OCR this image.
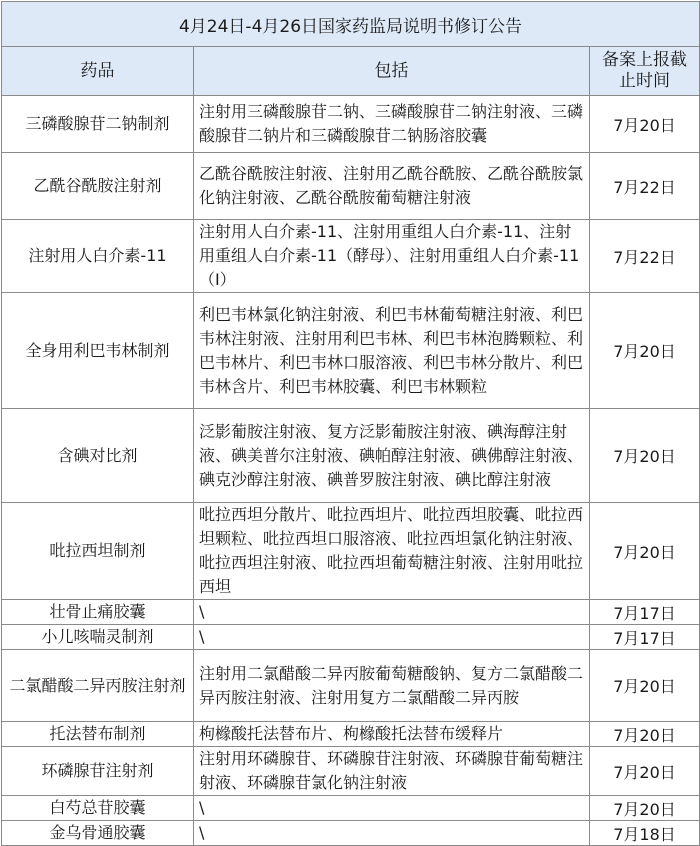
4月24日-4月26日国家药监局说明书修订公告		
药品	包括	备案上报截止时间
三磷酸腺苷二钠制剂	注射用三磷酸腺苷二钠、三磷酸腺苷二钠注射液、三磷酸腺苷二钠片和三磷酸腺苷二钠肠溶胶囊	7月20日
乙酰谷酰胺注射剂	乙酰谷酰胺注射液、注射用乙酰谷酰胺、乙酰谷酰胺氯化钠注射液、乙酰谷酰胺葡萄糖注射液	7月22日
注射用人白介素-11	注射用人白介素-11、注射用重组人白介素-11、注射用重组人白介素-11（酵母）、注射用重组人白介素-11（I）	7月22日
全身用利巴韦林制剂	利巴韦林氯化钠注射液、利巴韦林葡萄糖注射液、利巴韦林注射液、注射用利巴韦林、利巴韦林泡腾颗粒、利巴韦林片、利巴韦林口服溶液、利巴韦林分散片、利巴韦林含片、利巴韦林胶囊、利巴韦林颗粒	7月20日
含碘对比剂	泛影葡胺注射液、复方泛影葡胺注射液、碘海醇注射液、碘美普尔注射液、碘帕醇注射液、碘佛醇注射液、碘克沙醇注射液、碘普罗胺注射液、碘比醇注射液	7月20日
吡拉西坦制剂	吡拉西坦分散片、吡拉西坦片、吡拉西坦胶囊、吡拉西坦颗粒、吡拉西坦口服溶液、吡拉西坦氯化钠注射液、吡拉西坦注射液、吡拉西坦葡萄糖注射液、注射用吡拉西坦	7月20日
壮骨止痛胶囊	\	7月17日
小儿咳喘灵制剂	\	7月17日
二氯醋酸二异丙胺注射剂	注射用二氯醋酸二异丙胺葡萄糖酸钠、复方二氯醋酸二异丙胺注射液、注射用复方二氯醋酸二异丙胺	7月20日
托法替布制剂	枸橼酸托法替布片、枸橼酸托法替布缓释片	7月20日
环磷腺苷注射剂	注射用环磷腺苷、环磷腺苷注射液、环磷腺苷葡萄糖注射液、环磷腺苷氯化钠注射液	7月20日
白芍总苷胶囊	\	7月20日
金乌骨通胶囊	\	7月18日
